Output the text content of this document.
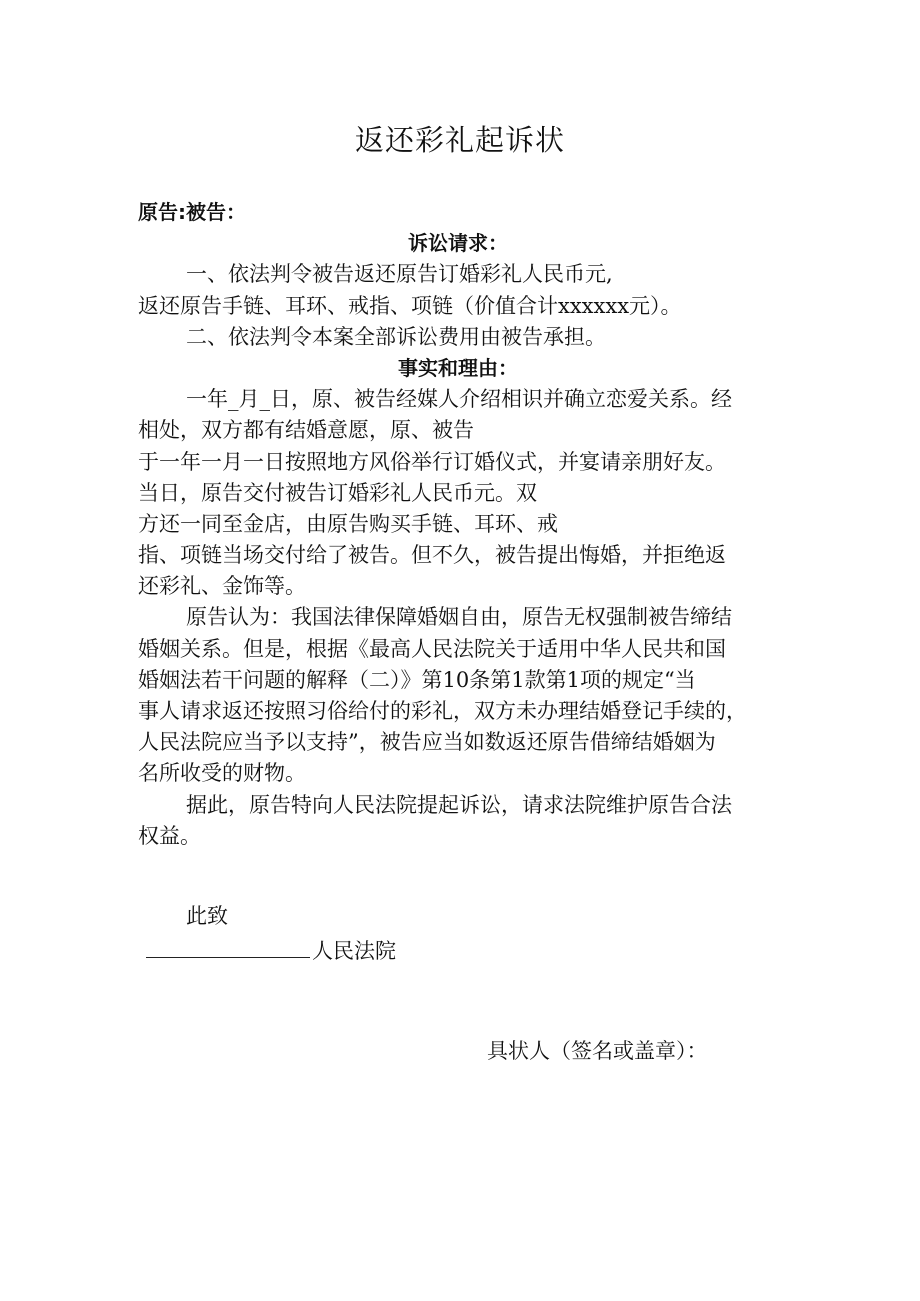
返还彩礼起诉状
原告:被告：
诉讼请求：
一、依法判令被告返还原告订婚彩礼人民币元,
返还原告手链、耳环、戒指、项链（价值合计xxxxxx元）。
二、依法判令本案全部诉讼费用由被告承担。
事实和理由：
一年_月_日，原、被告经媒人介绍相识并确立恋爱关系。经
相处，双方都有结婚意愿，原、被告
于一年一月一日按照地方风俗举行订婚仪式，并宴请亲朋好友。
当日，原告交付被告订婚彩礼人民币元。双
方还一同至金店，由原告购买手链、耳环、戒
指、项链当场交付给了被告。但不久，被告提出悔婚，并拒绝返
还彩礼、金饰等。
原告认为：我国法律保障婚姻自由，原告无权强制被告缔结
婚姻关系。但是，根据《最高人民法院关于适用中华人民共和国
婚姻法若干问题的解释（二）》第10条第1款第1项的规定“当
事人请求返还按照习俗给付的彩礼，双方未办理结婚登记手续的，
人民法院应当予以支持”，被告应当如数返还原告借缔结婚姻为
名所收受的财物。
据此，原告特向人民法院提起诉讼，请求法院维护原告合法
权益。
此致
人民法院
具状人（签名或盖章）：
